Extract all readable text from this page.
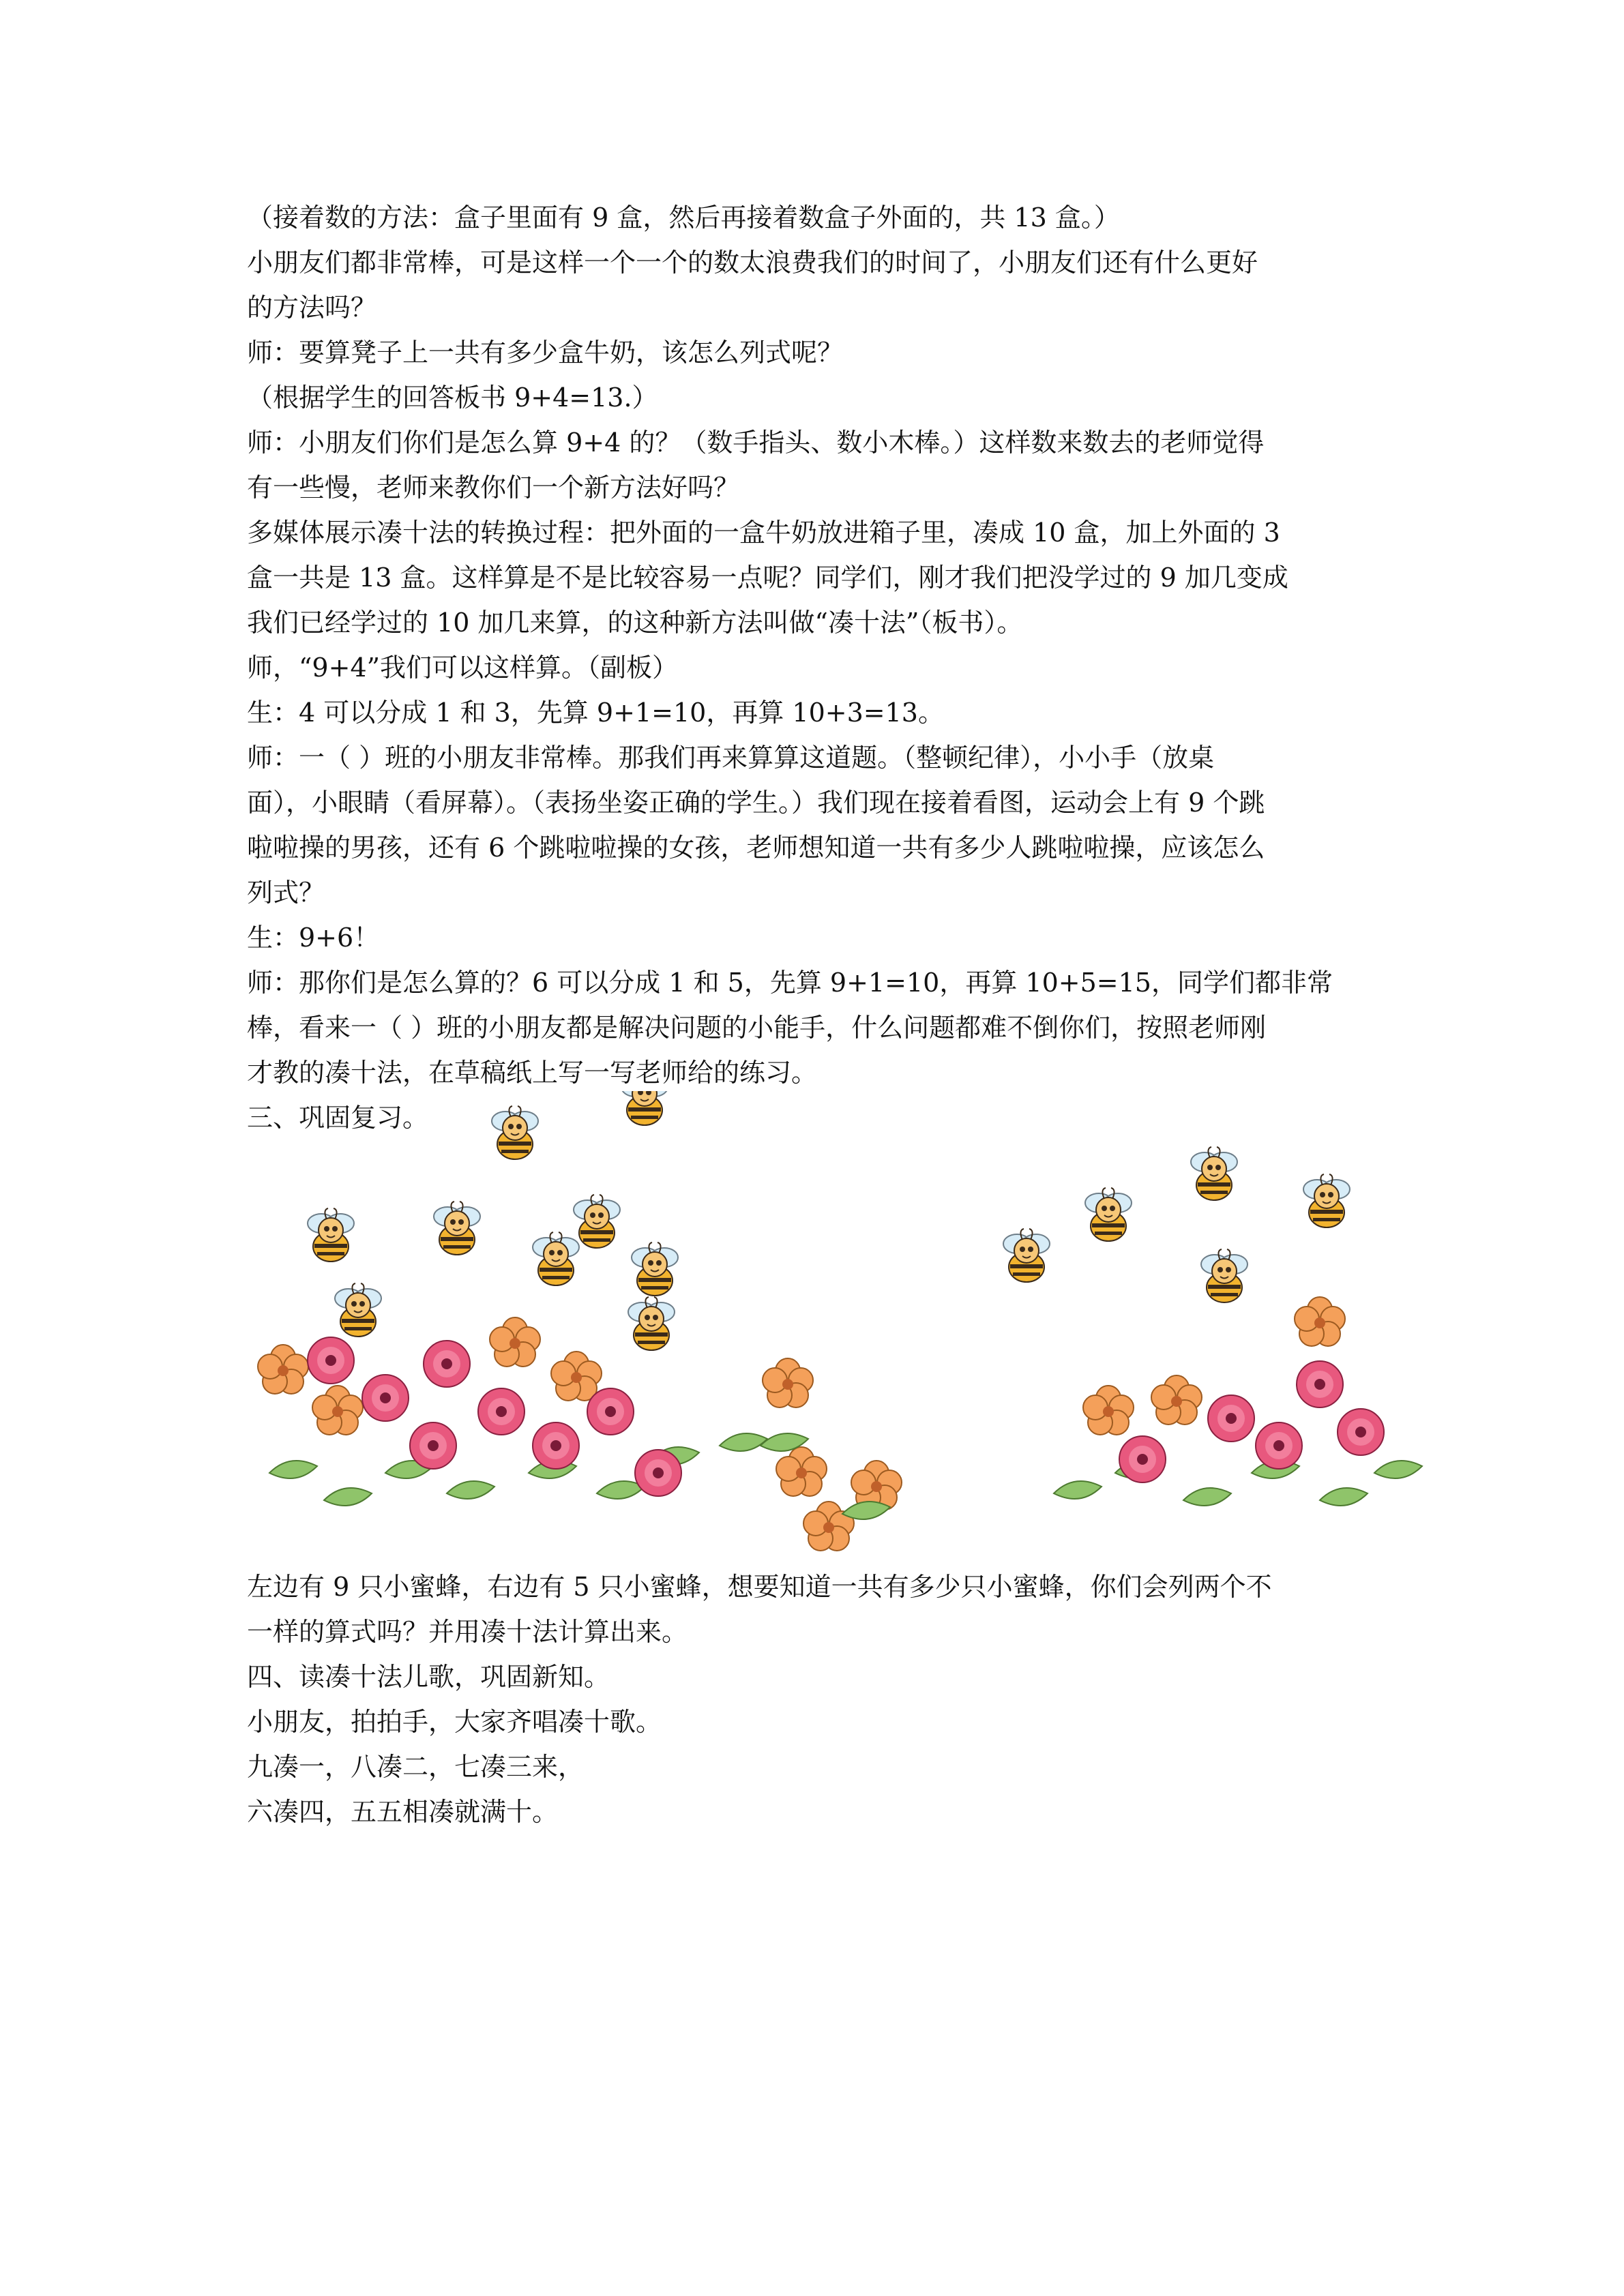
（接着数的方法：盒子里面有 9 盒，然后再接着数盒子外面的，共 13 盒。）

小朋友们都非常棒，可是这样一个一个的数太浪费我们的时间了，小朋友们还有什么更好

的方法吗？

师：要算凳子上一共有多少盒牛奶，该怎么列式呢？

（根据学生的回答板书 9+4=13.）

师：小朋友们你们是怎么算 9+4 的？（数手指头、数小木棒。）这样数来数去的老师觉得

有一些慢，老师来教你们一个新方法好吗？

多媒体展示凑十法的转换过程：把外面的一盒牛奶放进箱子里，凑成 10 盒，加上外面的 3

盒一共是 13 盒。这样算是不是比较容易一点呢？同学们，刚才我们把没学过的 9 加几变成

我们已经学过的 10 加几来算，的这种新方法叫做“凑十法”（板书）。

师，“9+4”我们可以这样算。（副板）

生：4 可以分成 1 和 3，先算 9+1=10，再算 10+3=13。

师：一（ ）班的小朋友非常棒。那我们再来算算这道题。（整顿纪律），小小手（放桌

面），小眼睛（看屏幕）。（表扬坐姿正确的学生。）我们现在接着看图，运动会上有 9 个跳

啦啦操的男孩，还有 6 个跳啦啦操的女孩，老师想知道一共有多少人跳啦啦操，应该怎么

列式？

生：9+6！

师：那你们是怎么算的？6 可以分成 1 和 5，先算 9+1=10，再算 10+5=15，同学们都非常

棒，看来一（ ）班的小朋友都是解决问题的小能手，什么问题都难不倒你们，按照老师刚

才教的凑十法，在草稿纸上写一写老师给的练习。

三、巩固复习。

左边有 9 只小蜜蜂，右边有 5 只小蜜蜂，想要知道一共有多少只小蜜蜂，你们会列两个不

一样的算式吗？并用凑十法计算出来。

四、读凑十法儿歌，巩固新知。

小朋友，拍拍手，大家齐唱凑十歌。

九凑一，八凑二，七凑三来，

六凑四，五五相凑就满十。
